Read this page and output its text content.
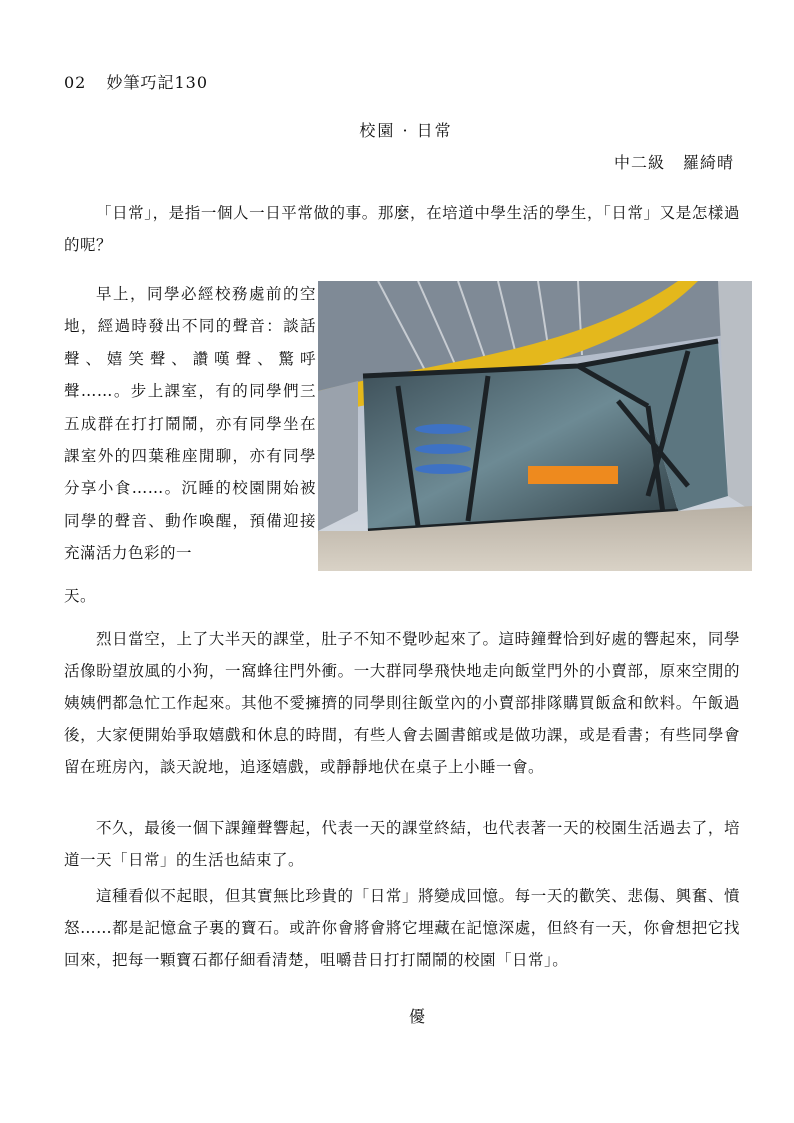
02 妙筆巧記130
校園 · 日常
中二級 羅綺晴

「日常」，是指一個人一日平常做的事。那麼，在培道中學生活的學生，「日常」又是怎樣過的呢？

早上，同學必經校務處前的空地，經過時發出不同的聲音：談話聲、嬉笑聲、讚嘆聲、驚呼聲……。步上課室，有的同學們三五成群在打打鬧鬧，亦有同學坐在課室外的四葉稚座閒聊，亦有同學分享小食……。沉睡的校園開始被同學的聲音、動作喚醒，預備迎接充滿活力色彩的一

天。

烈日當空，上了大半天的課堂，肚子不知不覺吵起來了。這時鐘聲恰到好處的響起來，同學活像盼望放風的小狗，一窩蜂往門外衝。一大群同學飛快地走向飯堂門外的小賣部，原來空閒的姨姨們都急忙工作起來。其他不愛擁擠的同學則往飯堂內的小賣部排隊購買飯盒和飲料。午飯過後，大家便開始爭取嬉戲和休息的時間，有些人會去圖書館或是做功課，或是看書；有些同學會留在班房內，談天說地，追逐嬉戲，或靜靜地伏在桌子上小睡一會。

不久，最後一個下課鐘聲響起，代表一天的課堂終結，也代表著一天的校園生活過去了，培道一天「日常」的生活也結束了。

這種看似不起眼，但其實無比珍貴的「日常」將變成回憶。每一天的歡笑、悲傷、興奮、憤怒……都是記憶盒子裏的寶石。或許你會將會將它埋藏在記憶深處，但終有一天，你會想把它找回來，把每一顆寶石都仔細看清楚，咀嚼昔日打打鬧鬧的校園「日常」。

優
